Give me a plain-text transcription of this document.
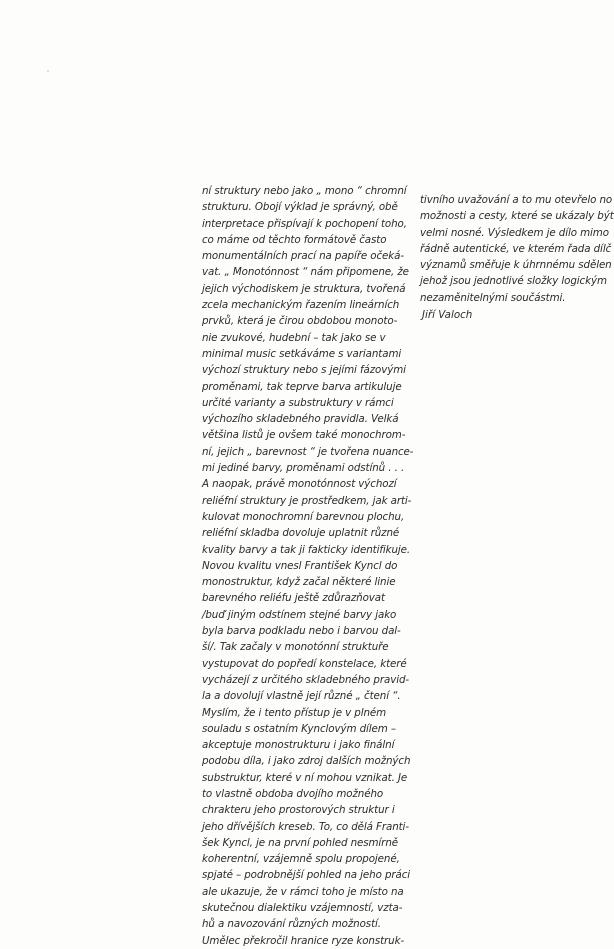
ní struktury nebo jako „ mono “ chromní
strukturu. Obojí výklad je správný, obě
interpretace přispívají k pochopení toho,
co máme od těchto formátově často
monumentálních prací na papíře očeká-
vat. „ Monotónnost “ nám připomene, že
jejich východiskem je struktura, tvořená
zcela mechanickým řazením lineárních
prvků, která je čirou obdobou monoto-
nie zvukové, hudební – tak jako se v
minimal music setkáváme s variantami
výchozí struktury nebo s jejími fázovými
proměnami, tak teprve barva artikuluje
určité varianty a substruktury v rámci
výchozího skladebného pravidla. Velká
většina listů je ovšem také monochrom-
ní, jejich „ barevnost “ je tvořena nuance-
mi jediné barvy, proměnami odstínů . . .
A naopak, právě monotónnost výchozí
reliéfní struktury je prostředkem, jak arti-
kulovat monochromní barevnou plochu,
reliéfní skladba dovoluje uplatnit různé
kvality barvy a tak ji fakticky identifikuje.
Novou kvalitu vnesl František Kyncl do
monostruktur, když začal některé linie
barevného reliéfu ještě zdůrazňovat
/buď jiným odstínem stejné barvy jako
byla barva podkladu nebo i barvou dal-
ší/. Tak začaly v monotónní struktuře
vystupovat do popředí konstelace, které
vycházejí z určitého skladebného pravid-
la a dovolují vlastně její různé „ čtení “.
Myslím, že i tento přístup je v plném
souladu s ostatním Kynclovým dílem –
akceptuje monostrukturu i jako finální
podobu díla, i jako zdroj dalších možných
substruktur, které v ní mohou vznikat. Je
to vlastně obdoba dvojího možného
chrakteru jeho prostorových struktur i
jeho dřívějších kreseb. To, co dělá Franti-
šek Kyncl, je na první pohled nesmírně
koherentní, vzájemně spolu propojené,
spjaté – podrobnější pohled na jeho práci
ale ukazuje, že v rámci toho je místo na
skutečnou dialektiku vzájemností, vztа-
hů a navozování různých možností.
Umělec překročil hranice ryze konstruk-
tivního uvažování a to mu otevřelo no
možnosti a cesty, které se ukázaly být
velmi nosné. Výsledkem je dílo mimo
řádně autentické, ve kterém řada dílč
významů směřuje k úhrnnému sdělen
jehož jsou jednotlivé složky logickým
nezaměnitelnými součástmi.
Jiří Valoch
